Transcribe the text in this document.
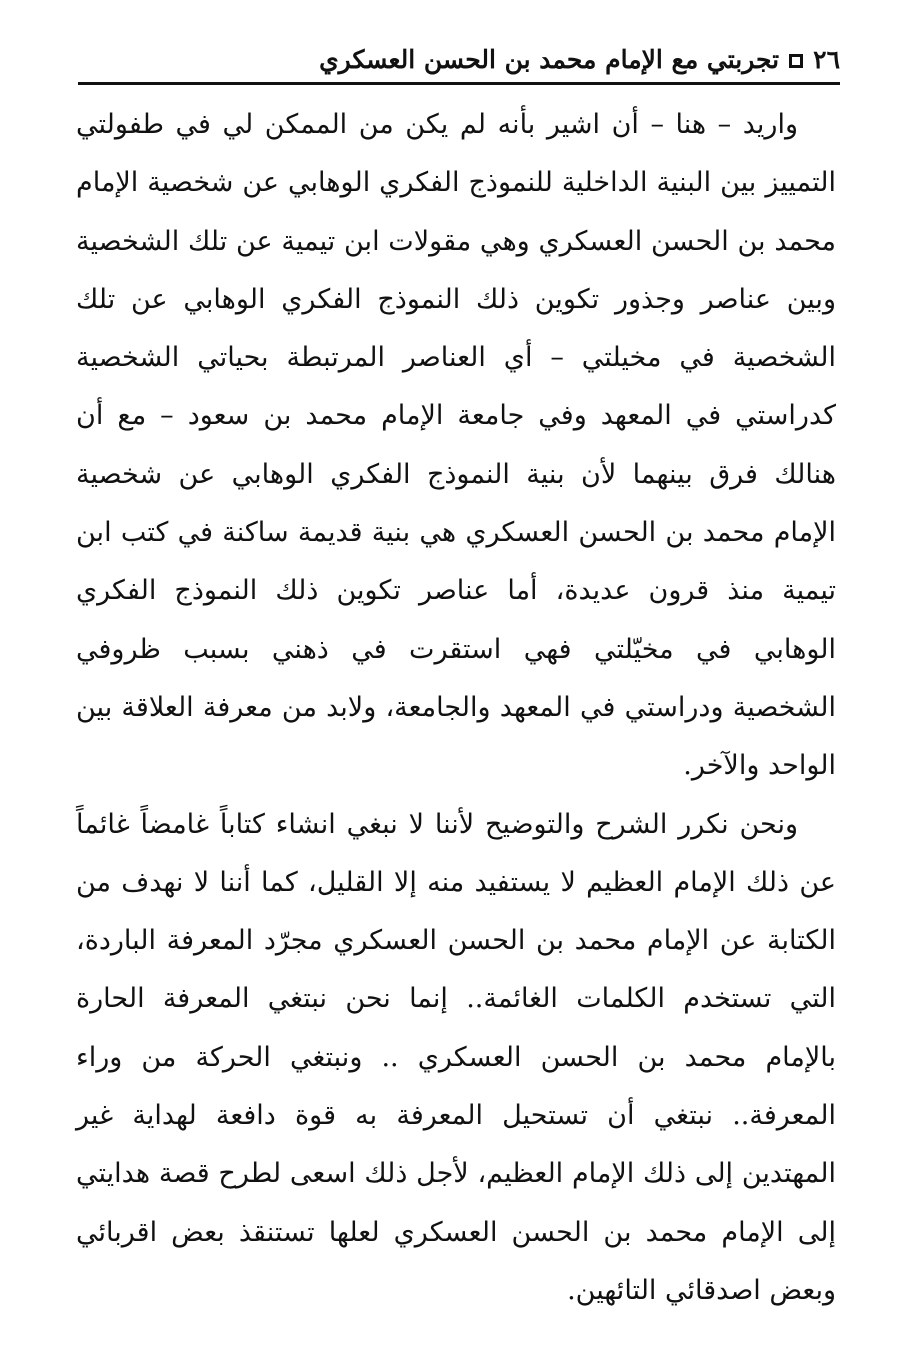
٢٦
تجربتي مع الإمام محمد بن الحسن العسكري

واريد – هنا – أن اشير بأنه لم يكن من الممكن لي في طفولتي التمييز بين البنية الداخلية للنموذج الفكري الوهابي عن شخصية الإمام محمد بن الحسن العسكري وهي مقولات ابن تيمية عن تلك الشخصية وبين عناصر وجذور تكوين ذلك النموذج الفكري الوهابي عن تلك الشخصية في مخيلتي – أي العناصر المرتبطة بحياتي الشخصية كدراستي في المعهد وفي جامعة الإمام محمد بن سعود – مع أن هنالك فرق بينهما لأن بنية النموذج الفكري الوهابي عن شخصية الإمام محمد بن الحسن العسكري هي بنية قديمة ساكنة في كتب ابن تيمية منذ قرون عديدة، أما عناصر تكوين ذلك النموذج الفكري الوهابي في مخيّلتي فهي استقرت في ذهني بسبب ظروفي الشخصية ودراستي في المعهد والجامعة، ولابد من معرفة العلاقة بين الواحد والآخر.

ونحن نكرر الشرح والتوضيح لأننا لا نبغي انشاء كتاباً غامضاً غائماً عن ذلك الإمام العظيم لا يستفيد منه إلا القليل، كما أننا لا نهدف من الكتابة عن الإمام محمد بن الحسن العسكري مجرّد المعرفة الباردة، التي تستخدم الكلمات الغائمة.. إنما نحن نبتغي المعرفة الحارة بالإمام محمد بن الحسن العسكري .. ونبتغي الحركة من وراء المعرفة.. نبتغي أن تستحيل المعرفة به قوة دافعة لهداية غير المهتدين إلى ذلك الإمام العظيم، لأجل ذلك اسعى لطرح قصة هدايتي إلى الإمام محمد بن الحسن العسكري لعلها تستنقذ بعض اقربائي وبعض اصدقائي التائهين.
